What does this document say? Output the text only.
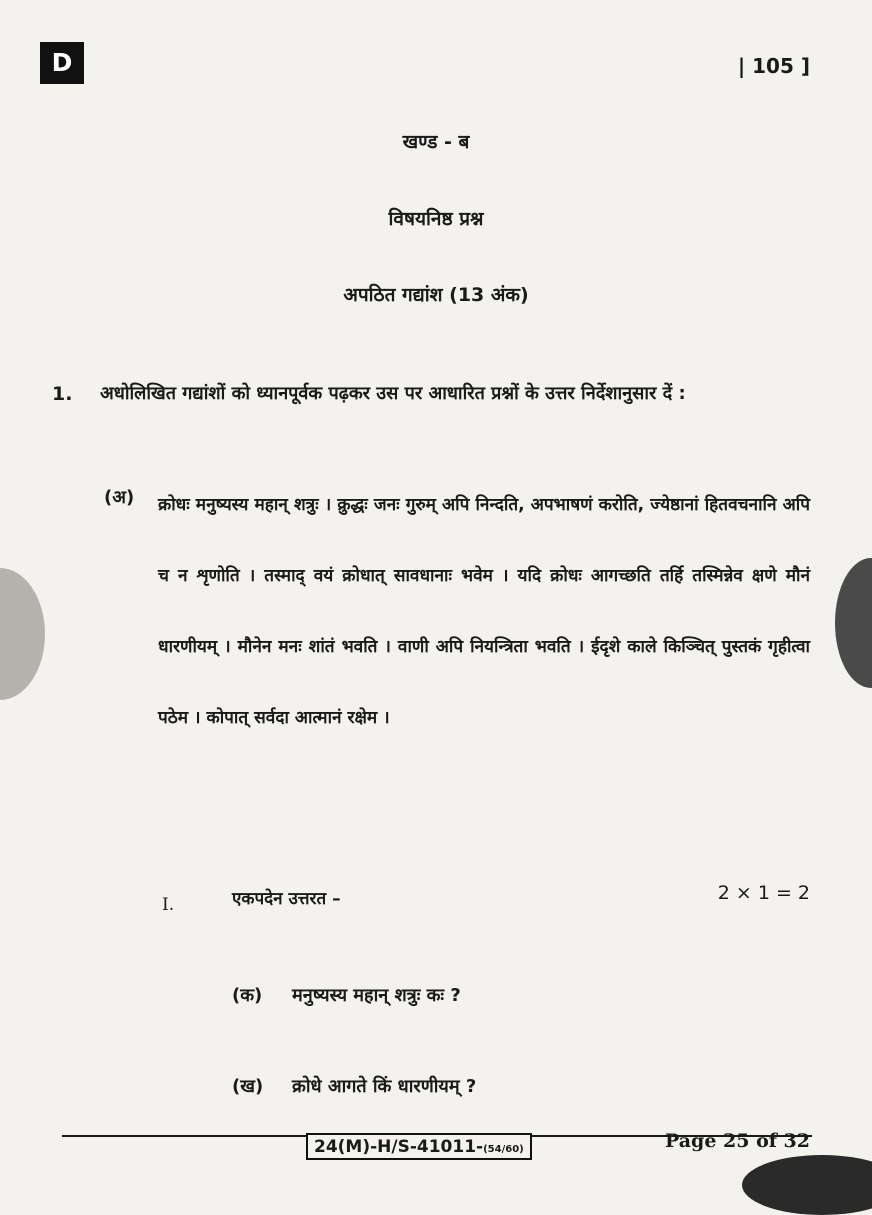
D	| 105 ]
खण्ड - ब
विषयनिष्ठ प्रश्न
अपठित गद्यांश (13 अंक)
1. अधोलिखित गद्यांशों को ध्यानपूर्वक पढ़कर उस पर आधारित प्रश्नों के उत्तर निर्देशानुसार दें :
(अ) क्रोधः मनुष्यस्य महान् शत्रुः । क्रुद्धः जनः गुरुम् अपि निन्दति, अपभाषणं करोति, ज्येष्ठानां हितवचनानि अपि च न शृणोति । तस्माद् वयं क्रोधात् सावधानाः भवेम । यदि क्रोधः आगच्छति तर्हि तस्मिन्नेव क्षणे मौनं धारणीयम् । मौनेन मनः शांतं भवति । वाणी अपि नियन्त्रिता भवति । ईदृशे काले किञ्चित् पुस्तकं गृहीत्वा पठेम । कोपात् सर्वदा आत्मानं रक्षेम ।
I.	एकपदेन उत्तरत –	2 × 1 = 2
(क) मनुष्यस्य महान् शत्रुः कः ?
(ख) क्रोधे आगते किं धारणीयम् ?
24(M)-H/S-41011-(54/60)	Page 25 of 32
